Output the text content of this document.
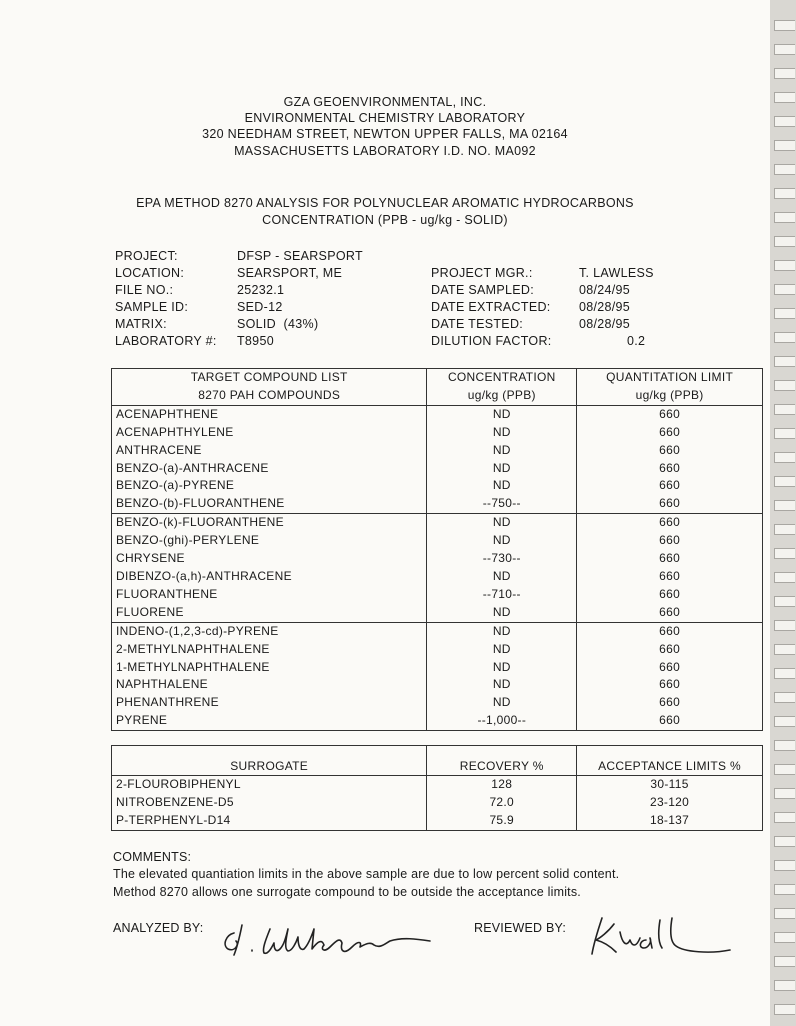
GZA GEOENVIRONMENTAL, INC.
ENVIRONMENTAL CHEMISTRY LABORATORY
320 NEEDHAM STREET, NEWTON UPPER FALLS, MA 02164
MASSACHUSETTS LABORATORY I.D. NO. MA092
EPA METHOD 8270 ANALYSIS FOR POLYNUCLEAR AROMATIC HYDROCARBONS
CONCENTRATION (PPB - ug/kg - SOLID)
PROJECT:	DFSP - SEARSPORT
LOCATION:	SEARSPORT, ME
FILE NO.:	25232.1
SAMPLE ID:	SED-12
MATRIX:	SOLID  (43%)
LABORATORY #: T8950
PROJECT MGR.:	T. LAWLESS
DATE SAMPLED:	08/24/95
DATE EXTRACTED: 08/28/95
DATE TESTED:	08/28/95
DILUTION FACTOR:	0.2
TARGET COMPOUND LIST	CONCENTRATION	QUANTITATION LIMIT
8270 PAH COMPOUNDS	ug/kg (PPB)	ug/kg (PPB)
ACENAPHTHENE	ND	660
ACENAPHTHYLENE	ND	660
ANTHRACENE	ND	660
BENZO-(a)-ANTHRACENE	ND	660
BENZO-(a)-PYRENE	ND	660
BENZO-(b)-FLUORANTHENE	--750--	660
BENZO-(k)-FLUORANTHENE	ND	660
BENZO-(ghi)-PERYLENE	ND	660
CHRYSENE	--730--	660
DIBENZO-(a,h)-ANTHRACENE	ND	660
FLUORANTHENE	--710--	660
FLUORENE	ND	660
INDENO-(1,2,3-cd)-PYRENE	ND	660
2-METHYLNAPHTHALENE	ND	660
1-METHYLNAPHTHALENE	ND	660
NAPHTHALENE	ND	660
PHENANTHRENE	ND	660
PYRENE	--1,000--	660

SURROGATE	RECOVERY %	ACCEPTANCE LIMITS %
2-FLOUROBIPHENYL	128	30-115
NITROBENZENE-D5	72.0	23-120
P-TERPHENYL-D14	75.9	18-137
COMMENTS:
The elevated quantiation limits in the above sample are due to low percent solid content.
Method 8270 allows one surrogate compound to be outside the acceptance limits.
ANALYZED BY:	REVIEWED BY:
